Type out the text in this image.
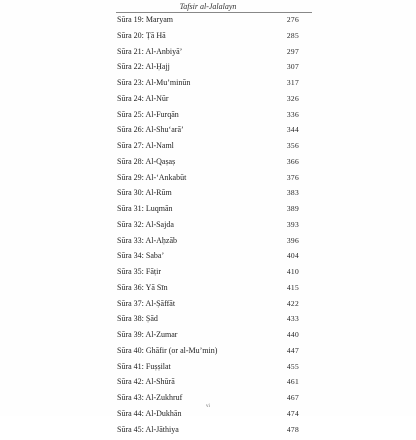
Tafsir al-Jalalayn
Sūra 19: Maryam	276
Sūra 20: Ṭā Hā	285
Sūra 21: Al-Anbiyā’	297
Sūra 22: Al-Ḥajj	307
Sūra 23: Al-Mu’minūn	317
Sūra 24: Al-Nūr	326
Sūra 25: Al-Furqān	336
Sūra 26: Al-Shu‘arā’	344
Sūra 27: Al-Naml	356
Sūra 28: Al-Qaṣaṣ	366
Sūra 29: Al-‘Ankabūt	376
Sūra 30: Al-Rūm	383
Sūra 31: Luqmān	389
Sūra 32: Al-Sajda	393
Sūra 33: Al-Aḥzāb	396
Sūra 34: Saba’	404
Sūra 35: Fāṭir	410
Sūra 36: Yā Sīn	415
Sūra 37: Al-Ṣāffāt	422
Sūra 38: Ṣād	433
Sūra 39: Al-Zumar	440
Sūra 40: Ghāfir (or al-Mu’min)	447
Sūra 41: Fuṣṣilat	455
Sūra 42: Al-Shūrā	461
Sūra 43: Al-Zukhruf	467
Sūra 44: Al-Dukhān	474
Sūra 45: Al-Jāthiya	478
vi
